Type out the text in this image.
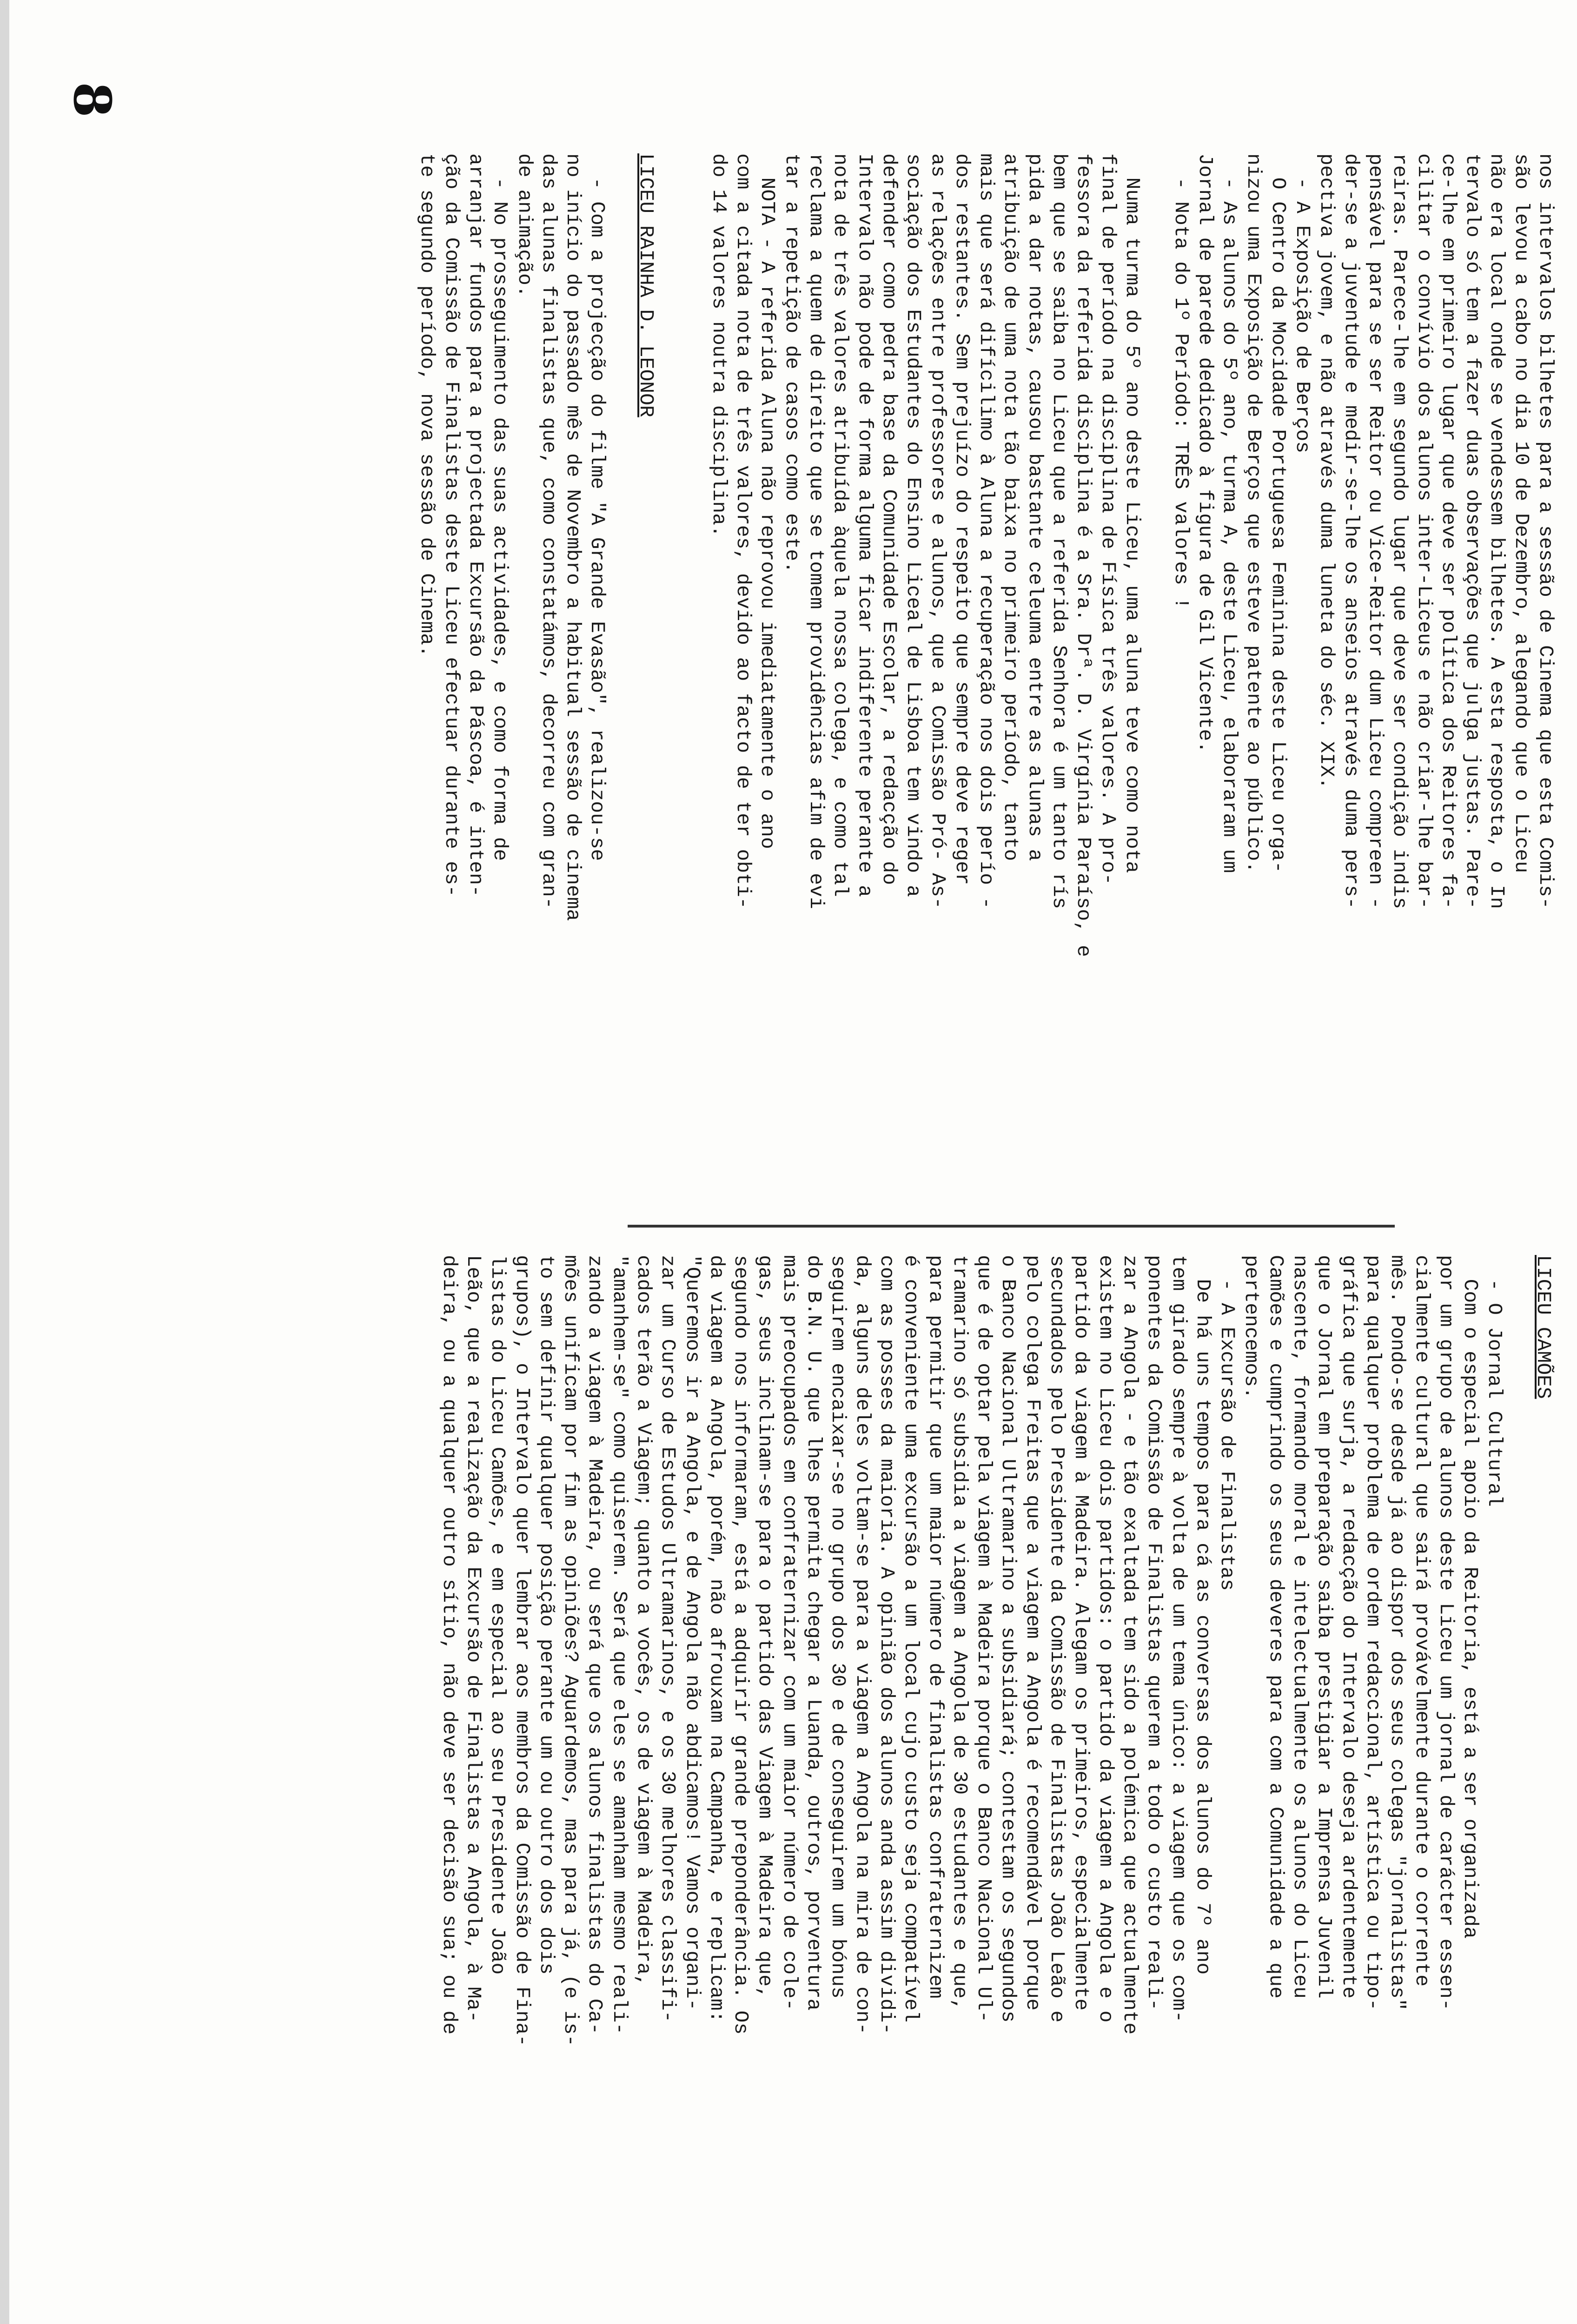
nos intervalos bilhetes para a sessão de Cinema que esta Comis-

são levou a cabo no dia 10 de Dezembro, alegando que o Liceu

não era local onde se vendessem bilhetes. A esta resposta, o In

tervalo só tem a fazer duas observações que julga justas. Pare-

ce-lhe em primeiro lugar que deve ser política dos Reitores fa-

cilitar o convívio dos alunos inter-Liceus e não criar-lhe bar-

reiras. Parece-lhe em segundo lugar que deve ser condição indis

pensável para se ser Reitor ou Vice-Reitor dum Liceu compreen -

der-se a juventude e medir-se-lhe os anseios através duma pers-

pectiva jovem, e não através duma luneta do séc. XIX.

- A Exposição de Berços

O Centro da Mocidade Portuguesa Feminina deste Liceu orga-

nizou uma Exposição de Berços que esteve patente ao público.

- As alunos do 5º ano, turma A, deste Liceu, elaboraram um

Jornal de parede dedicado à figura de Gil Vicente.

- Nota do 1º Período: TRÊS valores !

Numa turma do 5º ano deste Liceu, uma aluna teve como nota

final de período na disciplina de Física três valores. A pro-

fessora da referida disciplina é a Sra. Drª. D. Virgínia Paraíso, e

bem que se saiba no Liceu que a referida Senhora é um tanto rís

pida a dar notas, causou bastante celeuma entre as alunas a

atribuição de uma nota tão baixa no primeiro período, tanto

mais que será difícilimo à Aluna a recuperação nos dois perío -

dos restantes. Sem prejuízo do respeito que sempre deve reger

as relações entre professores e alunos, que a Comissão Pró- As-

sociação dos Estudantes do Ensino Liceal de Lisboa tem vindo a

defender como pedra base da Comunidade Escolar, a redacção do

Intervalo não pode de forma alguma ficar indiferente perante a

nota de três valores atribuída àquela nossa colega, e como tal

reclama a quem de direito que se tomem providências afim de evi

tar a repetição de casos como este.

NOTA - A referida Aluna não reprovou imediatamente o ano

com a citada nota de três valores, devido ao facto de ter obti-

do 14 valores noutra disciplina.

LICEU RAINHA D. LEONOR

- Com a projecção do filme "A Grande Evasão", realizou-se

no início do passado mês de Novembro a habitual sessão de cinema

das alunas finalistas que, como constatámos, decorreu com gran-

de animação.

- No prosseguimento das suas actividades, e como forma de

arranjar fundos para a projectada Excursão da Páscoa, é inten-

ção da Comissão de Finalistas deste Liceu efectuar durante es-

te segundo período, nova sessão de Cinema.

8

LICEU CAMÕES

- O Jornal Cultural

Com o especial apoio da Reitoria, está a ser organizada

por um grupo de alunos deste Liceu um jornal de carácter essen-

cialmente cultural que sairá provávelmente durante o corrente

mês. Pondo-se desde já ao dispor dos seus colegas "jornalistas"

para qualquer problema de ordem redaccional, artística ou tipo-

gráfica que surja, a redacção do Intervalo deseja ardentemente

que o Jornal em preparação saiba prestigiar a Imprensa Juvenil

nascente, formando moral e intelectualmente os alunos do Liceu

Camões e cumprindo os seus deveres para com a Comunidade a que

pertencemos.

- A Excursão de Finalistas

De há uns tempos para cá as conversas dos alunos do 7º ano

tem girado sempre à volta de um tema único: a viagem que os com-

ponentes da Comissão de Finalistas querem a todo o custo reali-

zar a Angola - e tão exaltada tem sido a polémica que actualmente

existem no Liceu dois partidos: o partido da viagem a Angola e o

partido da viagem à Madeira. Alegam os primeiros, especialmente

secundados pelo Presidente da Comissão de Finalistas João Leão e

pelo colega Freitas que a viagem a Angola é recomendável porque

o Banco Nacional Ultramarino a subsidiará; contestam os segundos

que é de optar pela viagem à Madeira porque o Banco Nacional Ul-

tramarino só subsidia a viagem a Angola de 30 estudantes e que,

para permitir que um maior número de finalistas confraternizem

é conveniente uma excursão a um local cujo custo seja compatível

com as posses da maioria. A opinião dos alunos anda assim dividi-

da, alguns deles voltam-se para a viagem a Angola na mira de con-

seguirem encaixar-se no grupo dos 30 e de conseguirem um bónus

do B.N. U. que lhes permita chegar a Luanda, outros, porventura

mais preocupados em confraternizar com um maior número de cole-

gas, seus inclinam-se para o partido das Viagem à Madeira que,

segundo nos informaram, está a adquirir grande preponderância. Os

da viagem a Angola, porém, não afrouxam na Campanha, e replicam:

"Queremos ir a Angola, e de Angola não abdicamos! Vamos organi-

zar um Curso de Estudos Ultramarinos, e os 30 melhores classifi-

cados terão a Viagem; quanto a vocês, os de viagem à Madeira,

"amanhem-se" como quiserem. Será que eles se amanham mesmo reali-

zando a viagem à Madeira, ou será que os alunos finalistas do Ca-

mões unificam por fim as opiniões? Aguardemos, mas para já, (e is-

to sem definir qualquer posição perante um ou outro dos dois

grupos), o Intervalo quer lembrar aos membros da Comissão de Fina-

listas do Liceu Camões, e em especial ao seu Presidente João

Leão, que a realização da Excursão de Finalistas a Angola, à Ma-

deira, ou a qualquer outro sítio, não deve ser decisão sua; ou de
